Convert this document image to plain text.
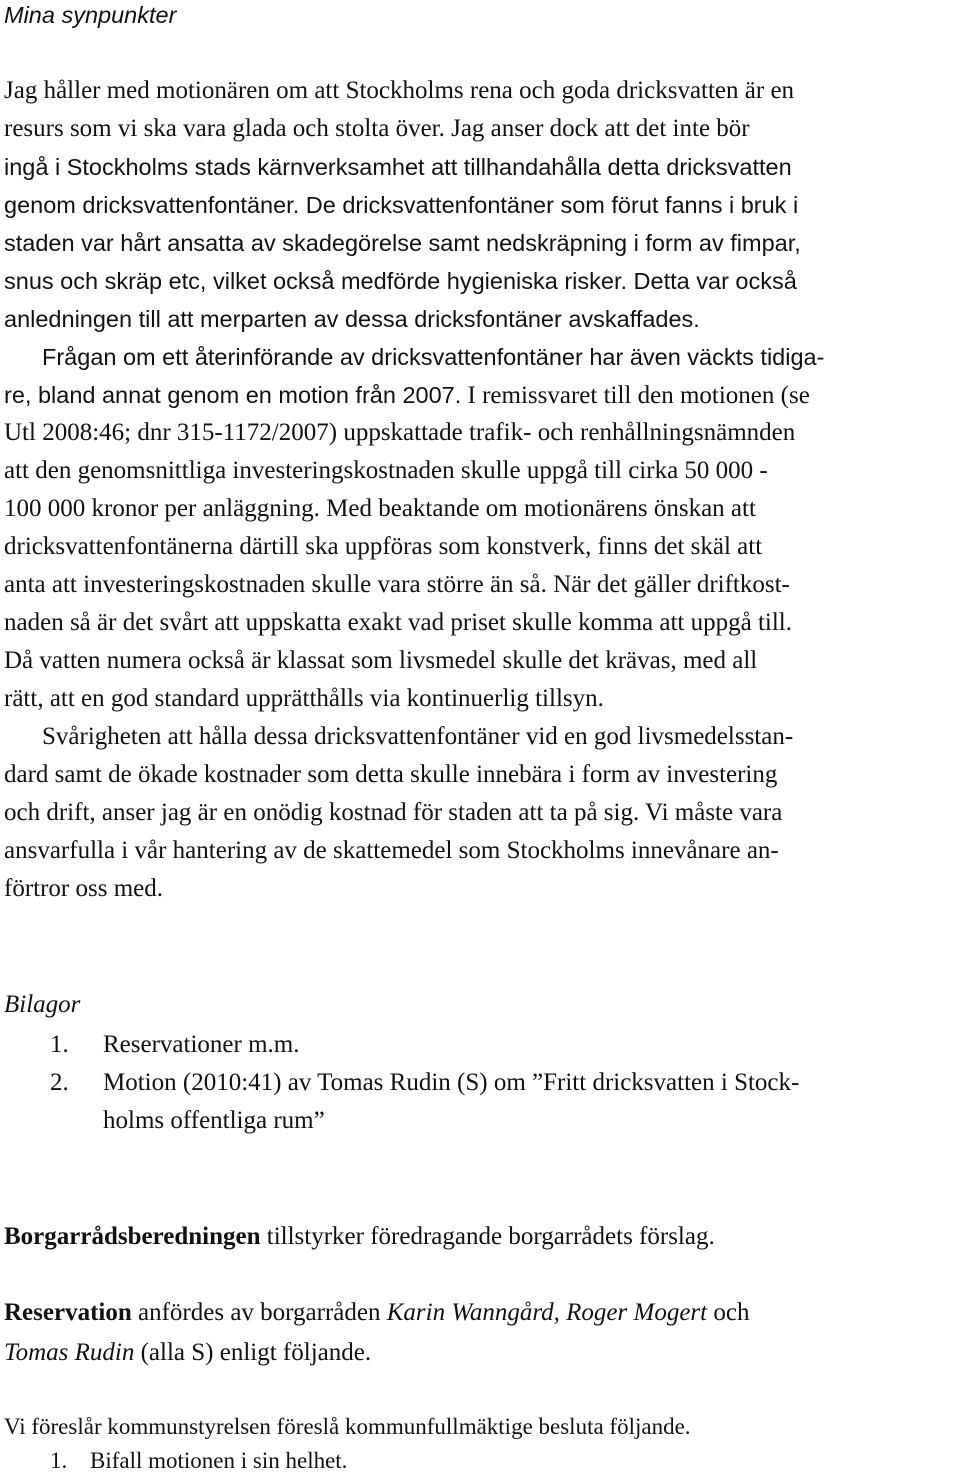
Mina synpunkter
Jag håller med motionären om att Stockholms rena och goda dricksvatten är en
resurs som vi ska vara glada och stolta över. Jag anser dock att det inte bör
ingå i Stockholms stads kärnverksamhet att tillhandahålla detta dricksvatten
genom dricksvattenfontäner. De dricksvattenfontäner som förut fanns i bruk i
staden var hårt ansatta av skadegörelse samt nedskräpning i form av fimpar,
snus och skräp etc, vilket också medförde hygieniska risker. Detta var också
anledningen till att merparten av dessa dricksfontäner avskaffades.
Frågan om ett återinförande av dricksvattenfontäner har även väckts tidiga-
re, bland annat genom en motion från 2007. I remissvaret till den motionen (se
Utl 2008:46; dnr 315-1172/2007) uppskattade trafik- och renhållningsnämnden
att den genomsnittliga investeringskostnaden skulle uppgå till cirka 50 000 -
100 000 kronor per anläggning. Med beaktande om motionärens önskan att
dricksvattenfontänerna därtill ska uppföras som konstverk, finns det skäl att
anta att investeringskostnaden skulle vara större än så. När det gäller driftkost-
naden så är det svårt att uppskatta exakt vad priset skulle komma att uppgå till.
Då vatten numera också är klassat som livsmedel skulle det krävas, med all
rätt, att en god standard upprätthålls via kontinuerlig tillsyn.
Svårigheten att hålla dessa dricksvattenfontäner vid en god livsmedelsstan-
dard samt de ökade kostnader som detta skulle innebära i form av investering
och drift, anser jag är en onödig kostnad för staden att ta på sig. Vi måste vara
ansvarfulla i vår hantering av de skattemedel som Stockholms innevånare an-
förtror oss med.
Bilagor
1. Reservationer m.m.
2. Motion (2010:41) av Tomas Rudin (S) om ”Fritt dricksvatten i Stock-
holms offentliga rum”
Borgarrådsberedningen tillstyrker föredragande borgarrådets förslag.
Reservation anfördes av borgarråden Karin Wanngård, Roger Mogert och
Tomas Rudin (alla S) enligt följande.
Vi föreslår kommunstyrelsen föreslå kommunfullmäktige besluta följande.
1. Bifall motionen i sin helhet.
